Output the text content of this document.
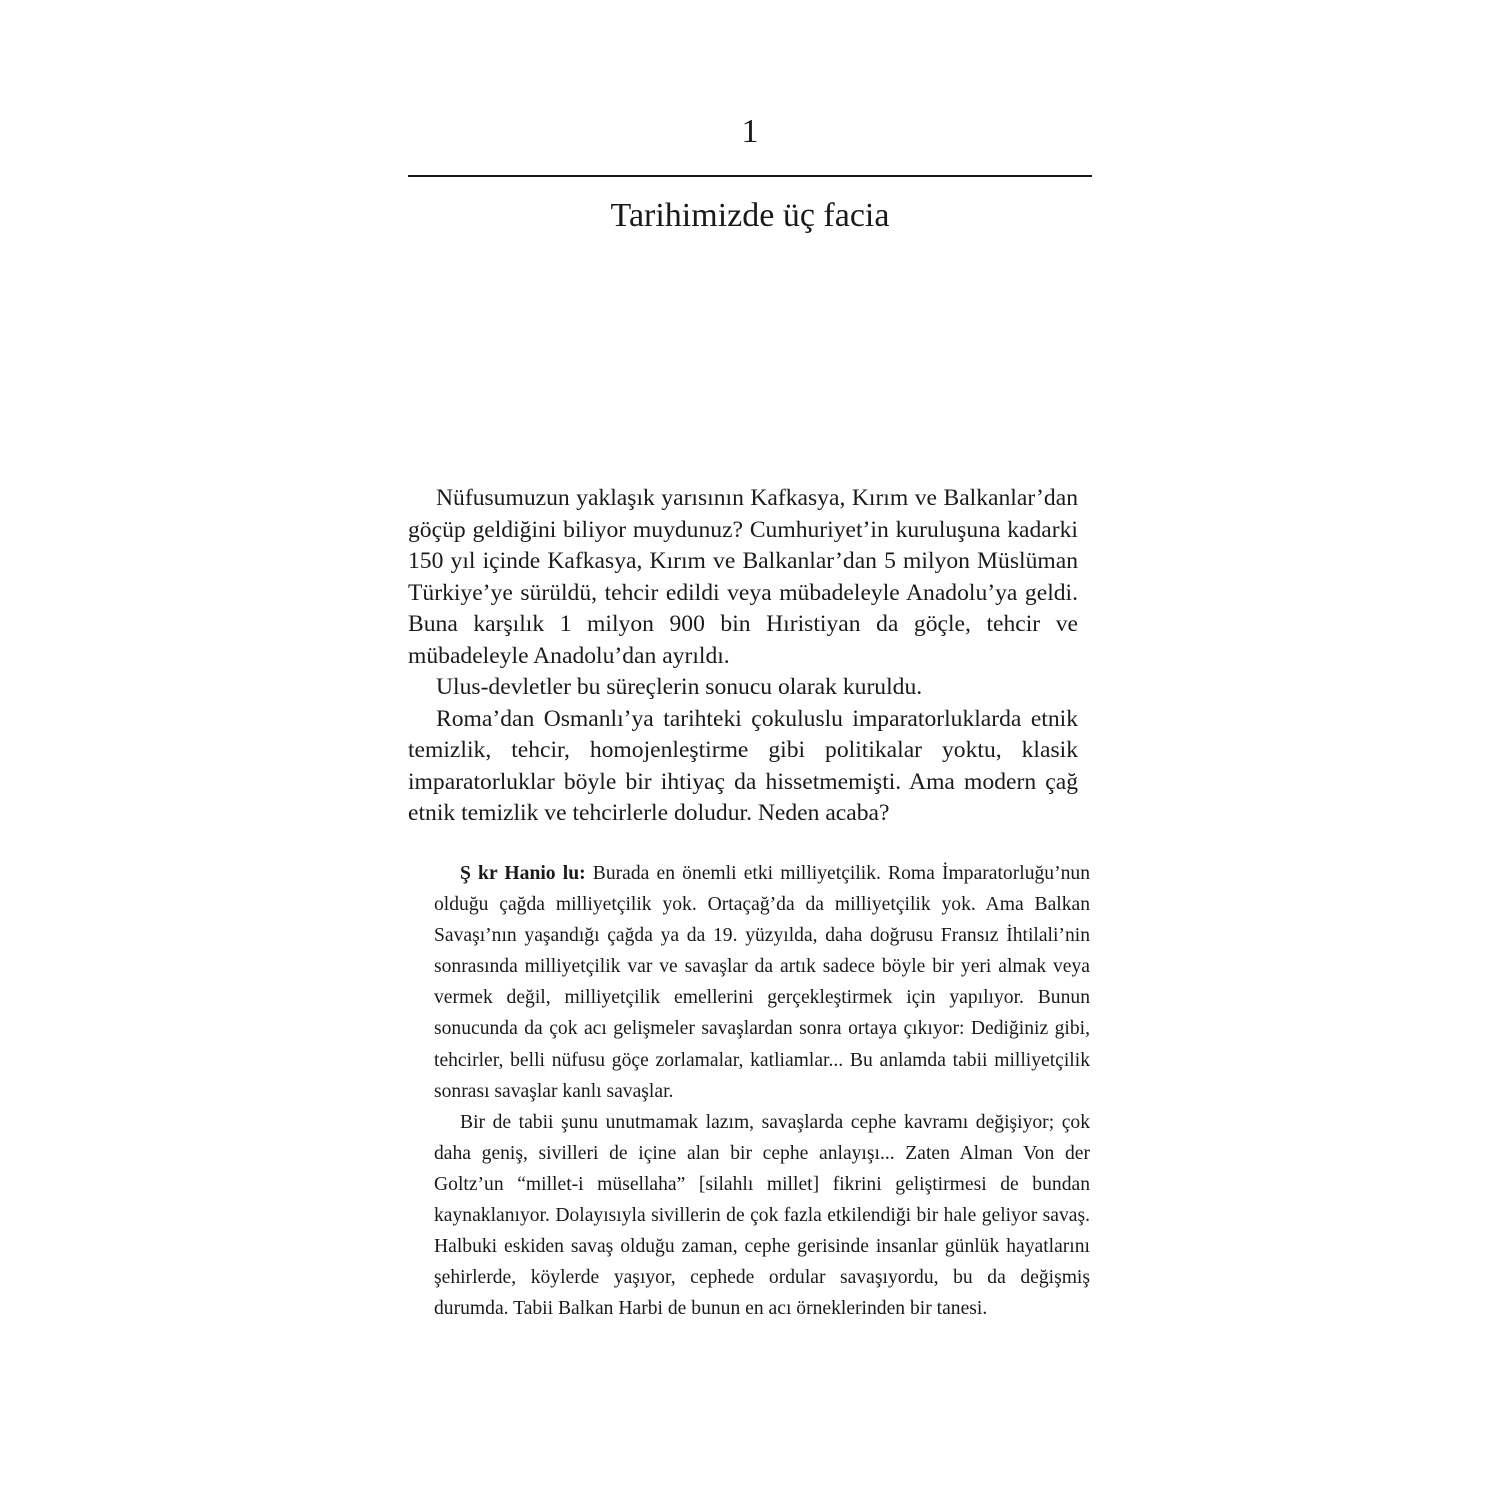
1
Tarihimizde üç facia

Nüfusumuzun yaklaşık yarısının Kafkasya, Kırım ve Balkanlar’dan göçüp geldiğini biliyor muydunuz? Cumhuriyet’in kuruluşuna kadarki 150 yıl içinde Kafkasya, Kırım ve Balkanlar’dan 5 milyon Müslüman Türkiye’ye sürüldü, tehcir edildi veya mübadeleyle Anadolu’ya geldi. Buna karşılık 1 milyon 900 bin Hıristiyan da göçle, tehcir ve mübadeleyle Anadolu’dan ayrıldı.

Ulus-devletler bu süreçlerin sonucu olarak kuruldu.

Roma’dan Osmanlı’ya tarihteki çokuluslu imparatorluklarda etnik temizlik, tehcir, homojenleştirme gibi politikalar yoktu, klasik imparatorluklar böyle bir ihtiyaç da hissetmemişti. Ama modern çağ etnik temizlik ve tehcirlerle doludur. Neden acaba?

Ş kr Hanio lu: Burada en önemli etki milliyetçilik. Roma İmparatorluğu’nun olduğu çağda milliyetçilik yok. Ortaçağ’da da milliyetçilik yok. Ama Balkan Savaşı’nın yaşandığı çağda ya da 19. yüzyılda, daha doğrusu Fransız İhtilali’nin sonrasında milliyetçilik var ve savaşlar da artık sadece böyle bir yeri almak veya vermek değil, milliyetçilik emellerini gerçekleştirmek için yapılıyor. Bunun sonucunda da çok acı gelişmeler savaşlardan sonra ortaya çıkıyor: Dediğiniz gibi, tehcirler, belli nüfusu göçe zorlamalar, katliamlar... Bu anlamda tabii milliyetçilik sonrası savaşlar kanlı savaşlar.

Bir de tabii şunu unutmamak lazım, savaşlarda cephe kavramı değişiyor; çok daha geniş, sivilleri de içine alan bir cephe anlayışı... Zaten Alman Von der Goltz’un “millet-i müsellaha” [silahlı millet] fikrini geliştirmesi de bundan kaynaklanıyor. Dolayısıyla sivillerin de çok fazla etkilendiği bir hale geliyor savaş. Halbuki eskiden savaş olduğu zaman, cephe gerisinde insanlar günlük hayatlarını şehirlerde, köylerde yaşıyor, cephede ordular savaşıyordu, bu da değişmiş durumda. Tabii Balkan Harbi de bunun en acı örneklerinden bir tanesi.
